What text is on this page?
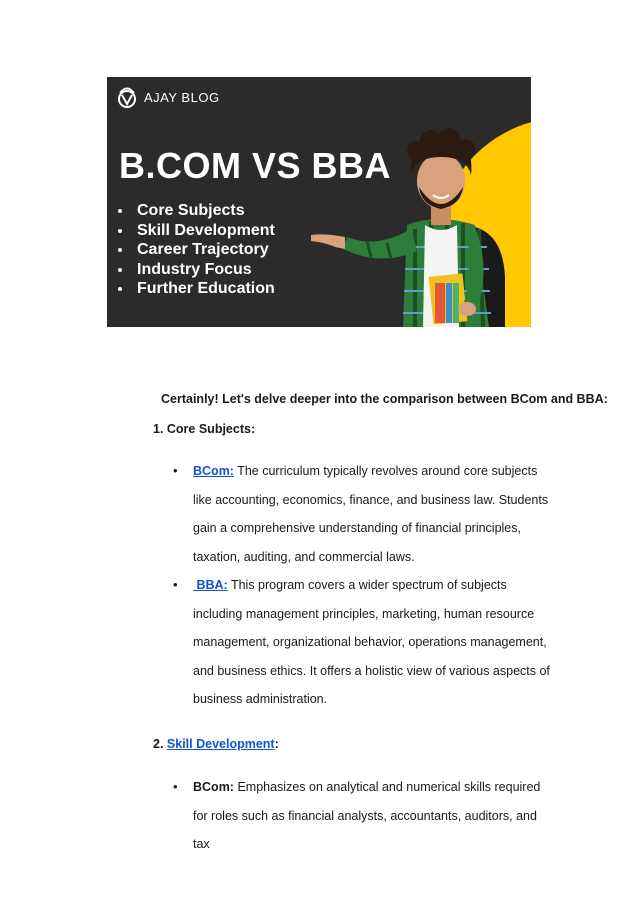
AJAY BLOG
B.COM VS BBA
• Core Subjects
• Skill Development
• Career Trajectory
• Industry Focus
• Further Education
Certainly! Let's delve deeper into the comparison between BCom and BBA:
1. Core Subjects:
• BCom: The curriculum typically revolves around core subjects like accounting, economics, finance, and business law. Students gain a comprehensive understanding of financial principles, taxation, auditing, and commercial laws.
•  BBA: This program covers a wider spectrum of subjects including management principles, marketing, human resource management, organizational behavior, operations management, and business ethics. It offers a holistic view of various aspects of business administration.
2. Skill Development:
• BCom: Emphasizes on analytical and numerical skills required for roles such as financial analysts, accountants, auditors, and tax
